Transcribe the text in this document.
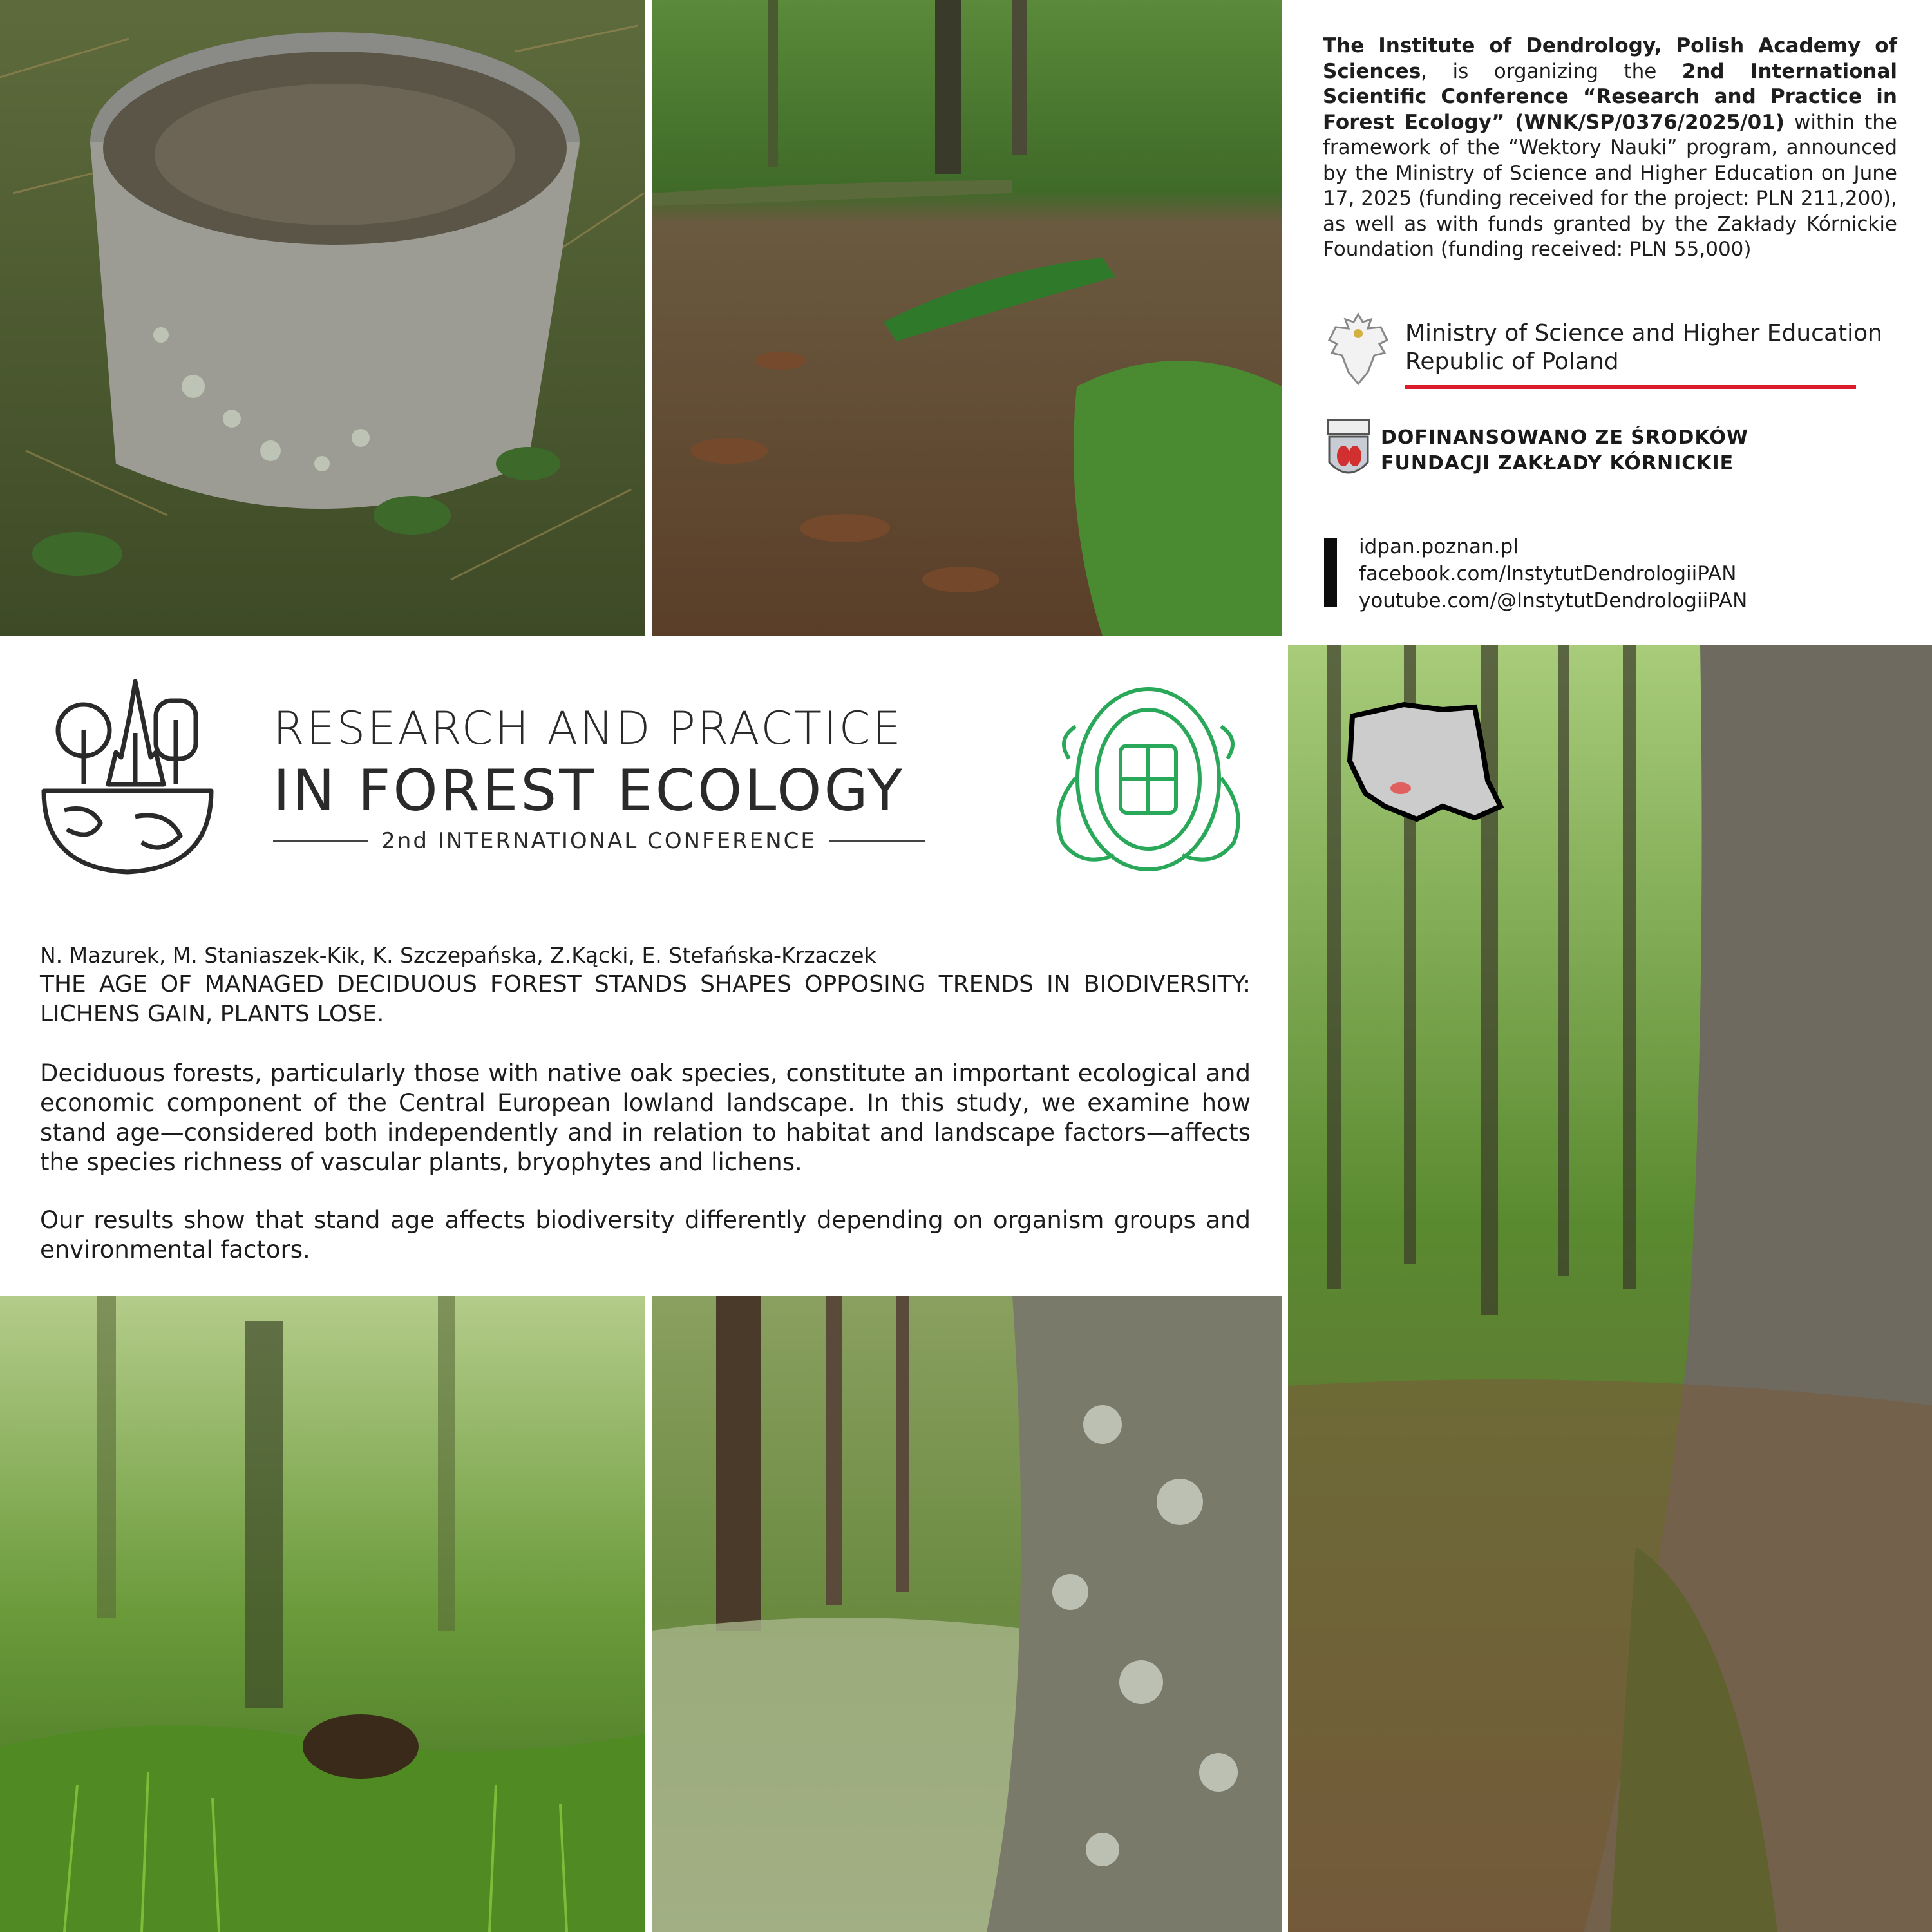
The Institute of Dendrology, Polish Academy of Sciences, is organizing the 2nd International Scientific Conference “Research and Practice in Forest Ecology” (WNK/SP/0376/2025/01) within the framework of the “Wektory Nauki” program, announced by the Ministry of Science and Higher Education on June 17, 2025 (funding received for the project: PLN 211,200), as well as with funds granted by the Zakłady Kórnickie Foundation (funding received: PLN 55,000)
Ministry of Science and Higher Education
Republic of Poland
DOFINANSOWANO ZE ŚRODKÓW
FUNDACJI ZAKŁADY KÓRNICKIE
idpan.poznan.pl
facebook.com/InstytutDendrologiiPAN
youtube.com/@InstytutDendrologiiPAN
RESEARCH AND PRACTICE
IN FOREST ECOLOGY
2nd INTERNATIONAL CONFERENCE
N. Mazurek, M. Staniaszek-Kik, K. Szczepańska, Z.Kącki, E. Stefańska-Krzaczek
THE AGE OF MANAGED DECIDUOUS FOREST STANDS SHAPES OPPOSING TRENDS IN BIODIVERSITY: LICHENS GAIN, PLANTS LOSE.
Deciduous forests, particularly those with native oak species, constitute an important ecological and economic component of the Central European lowland landscape. In this study, we examine how stand age—considered both independently and in relation to habitat and landscape factors—affects the species richness of vascular plants, bryophytes and lichens.
Our results show that stand age affects biodiversity differently depending on organism groups and environmental factors.
